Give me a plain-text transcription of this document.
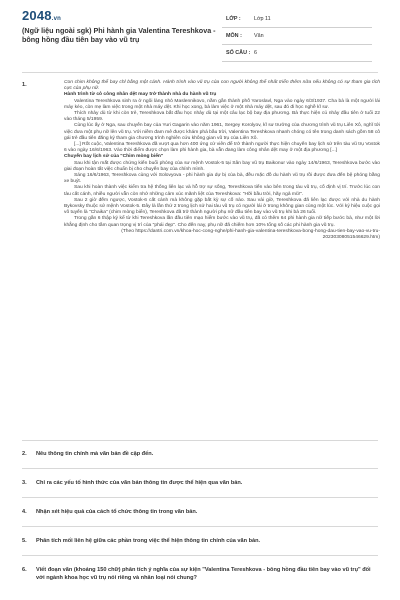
2048.vn
(Ngữ liệu ngoài sgk) Phi hành gia Valentina Tereshkova - bông hồng đầu tiên bay vào vũ trụ
LỚP : Lớp 11
MÔN : Văn
SỐ CÂU : 6
1.	Con chim không thể bay chỉ bằng một cánh. Hành trình vào vũ trụ của con người không thể nhất triển thêm nữa nếu không có sự tham gia tích cực của phụ nữ.

Hành trình từ cô công nhân dệt may trở thành nhà du hành vũ trụ

Valentina Tereshkova sinh ra ở ngôi làng nhỏ Maslennikovo, nằm gần thành phố Yaroslavl, Nga vào ngày 6/3/1937. Cha bà là một người lái máy kéo, còn mẹ làm việc trong một nhà máy dệt. Khi học xong, bà làm việc ở một nhà máy dệt, sau đó đi học nghề kĩ sư.

Thích nhảy dù từ khi còn trẻ, Tereshkova bắt đầu học nhảy dù tại một câu lạc bộ bay địa phương. Bà thực hiện cú nhảy đầu tiên ở tuổi 22 vào tháng 5/1959.

Cùng lúc ấy ở Nga, sau chuyến bay của Yuri Gagarin vào năm 1961, Sergey Korolyov, kĩ sư trưởng của chương trình vũ trụ Liên Xô, nghĩ tới việc đưa một phụ nữ lên vũ trụ. Với niềm đam mê được khám phá bầu trời, Valentina Tereshkova nhanh chóng có tên trong danh sách gồm 58 cô gái trẻ đầu tiên đăng ký tham gia chương trình nghiên cứu không gian vũ trụ của Liên Xô.

[...] Rốt cuộc, Valentina Tereshkova đã vượt qua hơn 400 ứng cử viên để trở thành người thực hiện chuyến bay lịch sử trên tàu vũ trụ Vostok 6 vào ngày 16/6/1963. Vào thời điểm được chọn làm phi hành gia, bà vẫn đang làm công nhân dệt may ở một địa phương [...]

Chuyến bay lịch sử của "Chim mòng biển"

Sau khi tận mắt được chứng kiến buổi phóng của sư mệnh Vostok-5 tại Sân bay vũ trụ Baikonur vào ngày 14/6/1963, Tereshkova bước vào giai đoạn hoàn tất việc chuẩn bị cho chuyến bay của chính mình.

Sáng 16/6/1963, Tereshkova cùng với Solovyova - phi hành gia dự bị của bà, đều mặc đồ du hành vũ trụ rồi được đưa đến bệ phóng bằng xe buýt.

Sau khi hoàn thành việc kiểm tra hệ thống liên lạc và hỗ trợ sự sống, Tereshkova tiến vào bên trong tàu vũ trụ, cố định vị trí. Trước lúc con tàu cất cánh, nhiều người vẫn còn nhớ những cảm xúc mãnh liệt của Tereshkova: "Hỡi bầu trời, hãy ngả mũ!".

Sau 2 giờ đếm ngược, Vostok-6 cất cánh mà không gặp bất kỳ sự cố nào. Sau vài giờ, Tereshkova đã liên lạc được với nhà du hành Bykovsky thuộc sứ mệnh Vostok-5. Đây là lần thứ 2 trong lịch sử hai tàu vũ trụ có người lái ở trong không gian cùng một lúc. Với ký hiệu cuộc gọi vô tuyến là "Chaika" (chim mòng biển), Tereshkova đã trở thành người phụ nữ đầu tiên bay vào vũ trụ khi bà 26 tuổi.

Trong gần 6 thập kỷ kể từ khi Tereshkova lần đầu tiên mạo hiểm bước vào vũ trụ, đã có thêm 64 phi hành gia nữ tiếp bước bà, như một lời khẳng định cho tầm quan trọng vị trí của "phái đẹp". Cho đến nay, phụ nữ đã chiếm hơn 10% tổng số các phi hành gia vũ trụ.

(Theo https://dantri.com.vn/khoa-hoc-cong-nghe/phi-hanh-gia-valentina-tereshkova-bong-hong-dau-tien-bay-vao-vu-tru-20230308051546629.htm)

2. Nêu thông tin chính mà văn bản đề cập đến.
3. Chỉ ra các yếu tố hình thức của văn bản thông tin được thể hiện qua văn bản.
4. Nhận xét hiệu quả của cách tổ chức thông tin trong văn bản.
5. Phân tích mối liên hệ giữa các phần trong việc thể hiện thông tin chính của văn bản.
6. Viết đoạn văn (khoảng 150 chữ) phân tích ý nghĩa của sự kiện "Valentina Tereshkova - bông hồng đầu tiên bay vào vũ trụ" đối với ngành khoa học vũ trụ nói riêng và nhân loại nói chung?
